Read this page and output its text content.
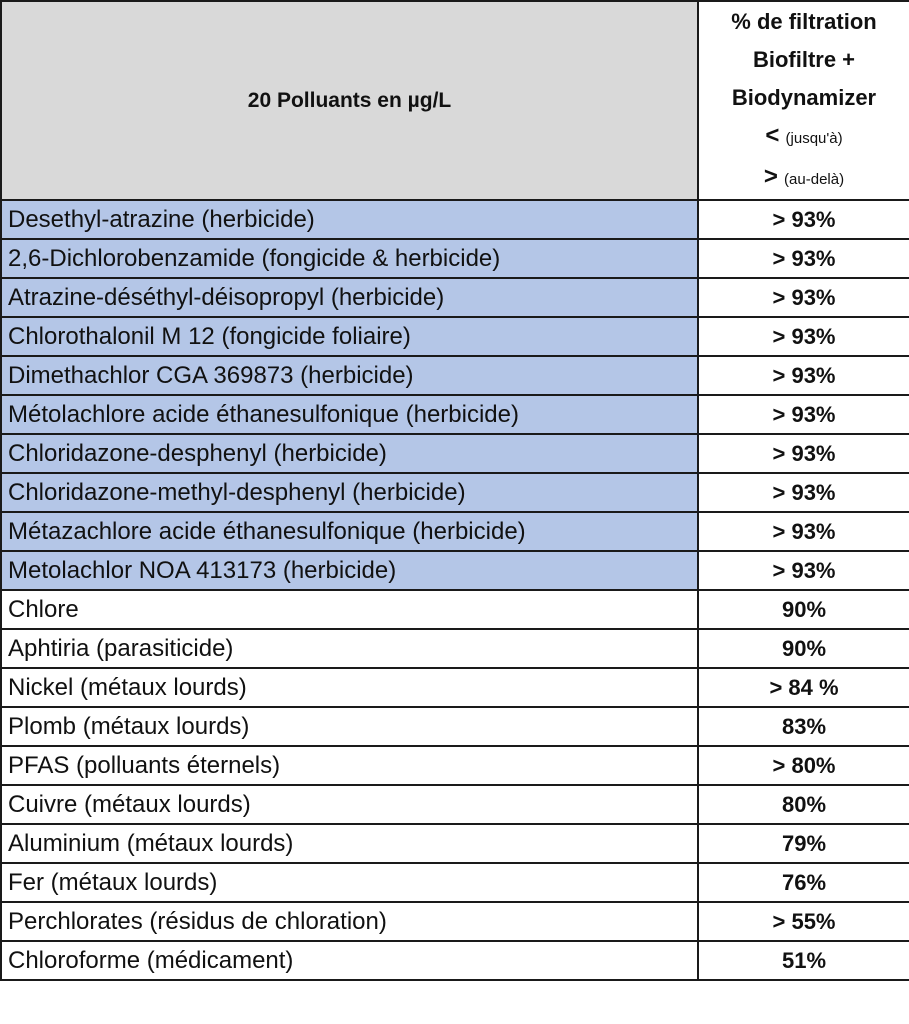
20 Polluants en µg/L	% de filtration
Biofiltre +
Biodynamizer
< (jusqu'à)
> (au-delà)

Desethyl-atrazine (herbicide)	> 93%
2,6-Dichlorobenzamide (fongicide & herbicide)	> 93%
Atrazine-déséthyl-déisopropyl (herbicide)	> 93%
Chlorothalonil M 12 (fongicide foliaire)	> 93%
Dimethachlor CGA 369873 (herbicide)	> 93%
Métolachlore acide éthanesulfonique (herbicide)	> 93%
Chloridazone-desphenyl (herbicide)	> 93%
Chloridazone-methyl-desphenyl (herbicide)	> 93%
Métazachlore acide éthanesulfonique (herbicide)	> 93%
Metolachlor NOA 413173 (herbicide)	> 93%
Chlore	90%
Aphtiria (parasiticide)	90%
Nickel (métaux lourds)	> 84 %
Plomb (métaux lourds)	83%
PFAS (polluants éternels)	> 80%
Cuivre (métaux lourds)	80%
Aluminium (métaux lourds)	79%
Fer (métaux lourds)	76%
Perchlorates (résidus de chloration)	> 55%
Chloroforme (médicament)	51%
